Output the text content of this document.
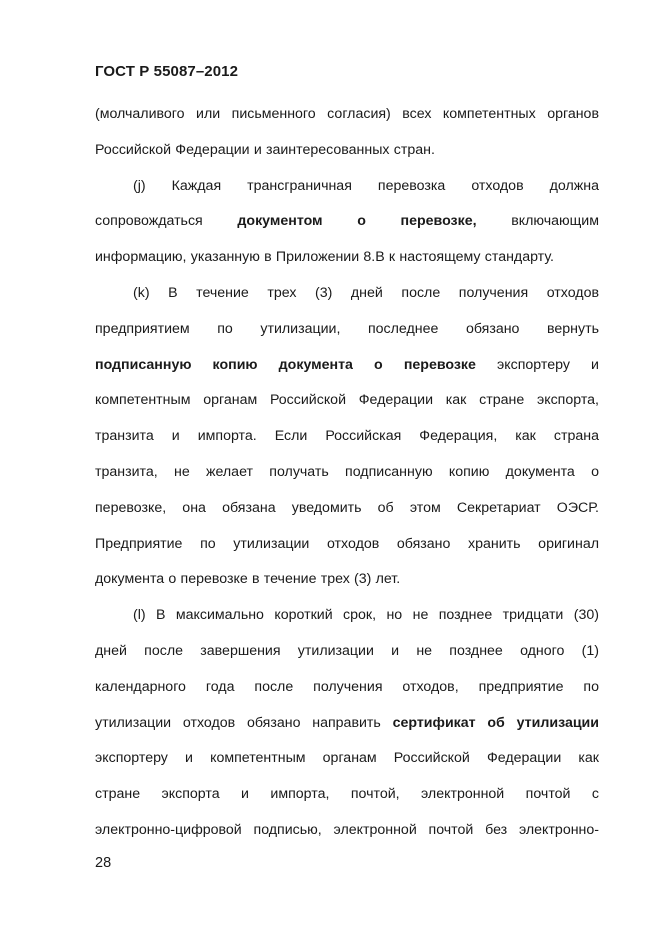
ГОСТ Р 55087–2012
(молчаливого или письменного согласия) всех компетентных органов
Российской Федерации и заинтересованных стран.
(j) Каждая трансграничная перевозка отходов должна
сопровождаться документом о перевозке, включающим
информацию, указанную в Приложении 8.В к настоящему стандарту.
(k) В течение трех (3) дней после получения отходов
предприятием по утилизации, последнее обязано вернуть
подписанную копию документа о перевозке экспортеру и
компетентным органам Российской Федерации как стране экспорта,
транзита и импорта. Если Российская Федерация, как страна
транзита, не желает получать подписанную копию документа о
перевозке, она обязана уведомить об этом Секретариат ОЭСР.
Предприятие по утилизации отходов обязано хранить оригинал
документа о перевозке в течение трех (3) лет.
(l) В максимально короткий срок, но не позднее тридцати (30)
дней после завершения утилизации и не позднее одного (1)
календарного года после получения отходов, предприятие по
утилизации отходов обязано направить сертификат об утилизации
экспортеру и компетентным органам Российской Федерации как
стране экспорта и импорта, почтой, электронной почтой с
электронно-цифровой подписью, электронной почтой без электронно-
28
